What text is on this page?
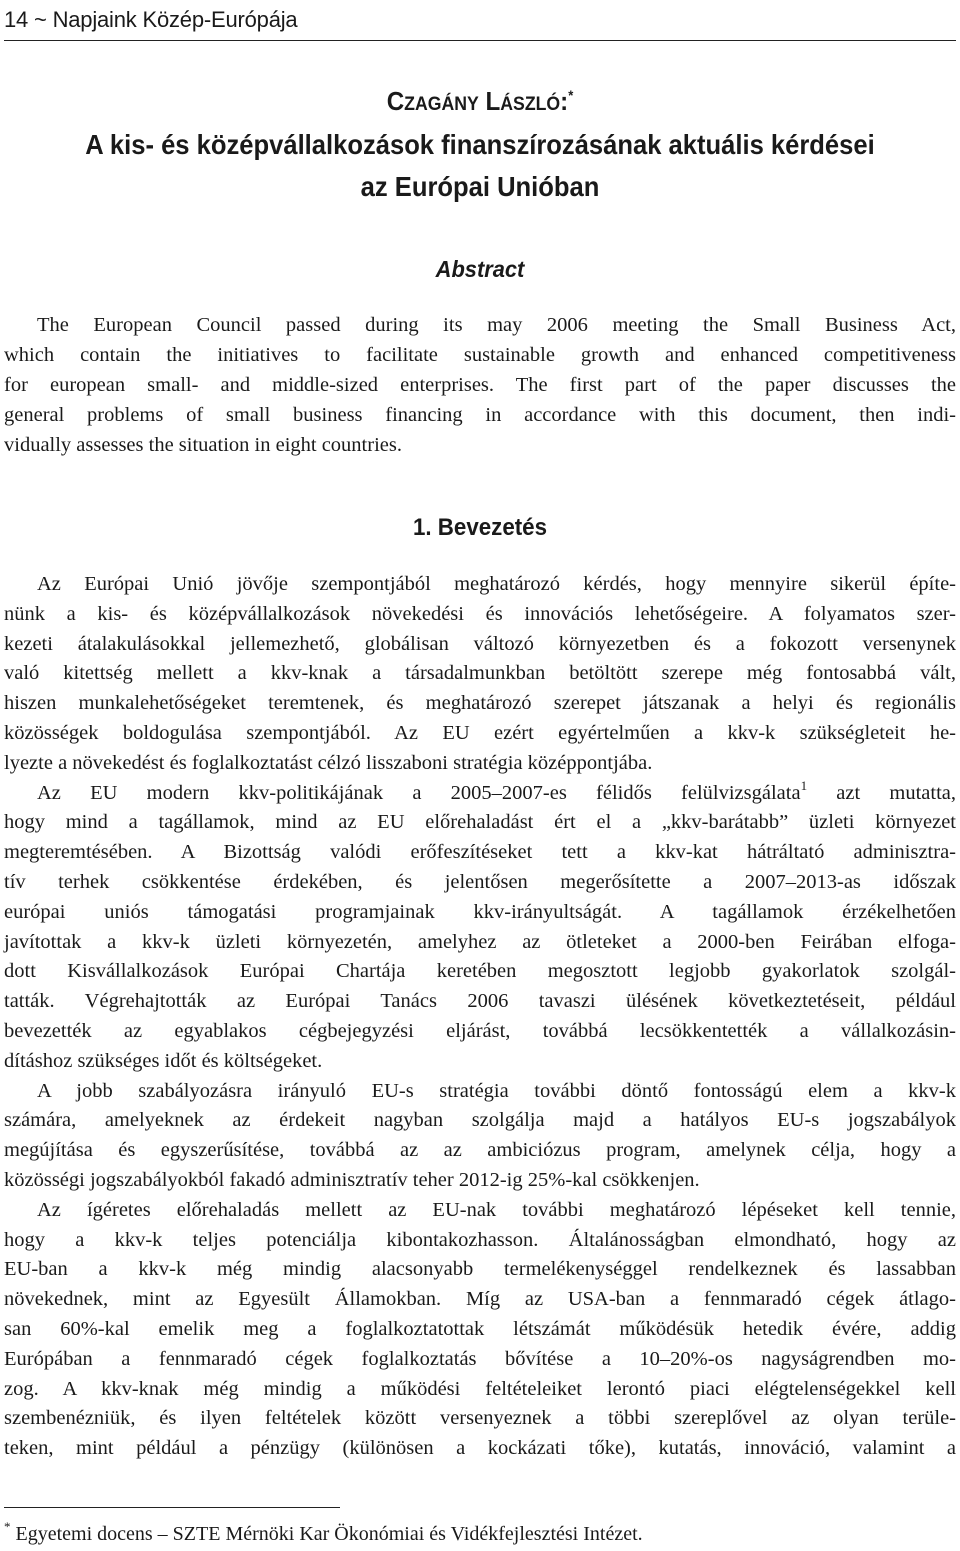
14 ~ Napjaink Közép-Európája
CZAGÁNY LÁSZLÓ:*
A kis- és középvállalkozások finanszírozásának aktuális kérdései
az Európai Unióban
Abstract
The European Council passed during its may 2006 meeting the Small Business Act,
which contain the initiatives to facilitate sustainable growth and enhanced competitiveness
for european small- and middle-sized enterprises. The first part of the paper discusses the
general problems of small business financing in accordance with this document, then indi-
vidually assesses the situation in eight countries.
1. Bevezetés
Az Európai Unió jövője szempontjából meghatározó kérdés, hogy mennyire sikerül építe-
nünk a kis- és középvállalkozások növekedési és innovációs lehetőségeire. A folyamatos szer-
kezeti átalakulásokkal jellemezhető, globálisan változó környezetben és a fokozott versenynek
való kitettség mellett a kkv-knak a társadalmunkban betöltött szerepe még fontosabbá vált,
hiszen munkalehetőségeket teremtenek, és meghatározó szerepet játszanak a helyi és regionális
közösségek boldogulása szempontjából. Az EU ezért egyértelműen a kkv-k szükségleteit he-
lyezte a növekedést és foglalkoztatást célzó lisszaboni stratégia középpontjába.
Az EU modern kkv-politikájának a 2005–2007-es félidős felülvizsgálata$^1$ azt mutatta,
hogy mind a tagállamok, mind az EU előrehaladást ért el a „kkv-barátabb” üzleti környezet
megteremtésében. A Bizottság valódi erőfeszítéseket tett a kkv-kat hátráltató adminisztra-
tív terhek csökkentése érdekében, és jelentősen megerősítette a 2007–2013-as időszak
európai uniós támogatási programjainak kkv-irányultságát. A tagállamok érzékelhetően
javítottak a kkv-k üzleti környezetén, amelyhez az ötleteket a 2000-ben Feirában elfoga-
dott Kisvállalkozások Európai Chartája keretében megosztott legjobb gyakorlatok szolgál-
tatták. Végrehajtották az Európai Tanács 2006 tavaszi ülésének következtetéseit, például
bevezették az egyablakos cégbejegyzési eljárást, továbbá lecsökkentették a vállalkozásin-
dításhoz szükséges időt és költségeket.
A jobb szabályozásra irányuló EU-s stratégia további döntő fontosságú elem a kkv-k
számára, amelyeknek az érdekeit nagyban szolgálja majd a hatályos EU-s jogszabályok
megújítása és egyszerűsítése, továbbá az az ambiciózus program, amelynek célja, hogy a
közösségi jogszabályokból fakadó adminisztratív teher 2012-ig 25%-kal csökkenjen.
Az ígéretes előrehaladás mellett az EU-nak további meghatározó lépéseket kell tennie,
hogy a kkv-k teljes potenciálja kibontakozhasson. Általánosságban elmondható, hogy az
EU-ban a kkv-k még mindig alacsonyabb termelékenységgel rendelkeznek és lassabban
növekednek, mint az Egyesült Államokban. Míg az USA-ban a fennmaradó cégek átlago-
san 60%-kal emelik meg a foglalkoztatottak létszámát működésük hetedik évére, addig
Európában a fennmaradó cégek foglalkoztatás bővítése a 10–20%-os nagyságrendben mo-
zog. A kkv-knak még mindig a működési feltételeiket lerontó piaci elégtelenségekkel kell
szembenézniük, és ilyen feltételek között versenyeznek a többi szereplővel az olyan terüle-
teken, mint például a pénzügy (különösen a kockázati tőke), kutatás, innováció, valamint a
* Egyetemi docens – SZTE Mérnöki Kar Ökonómiai és Vidékfejlesztési Intézet.
